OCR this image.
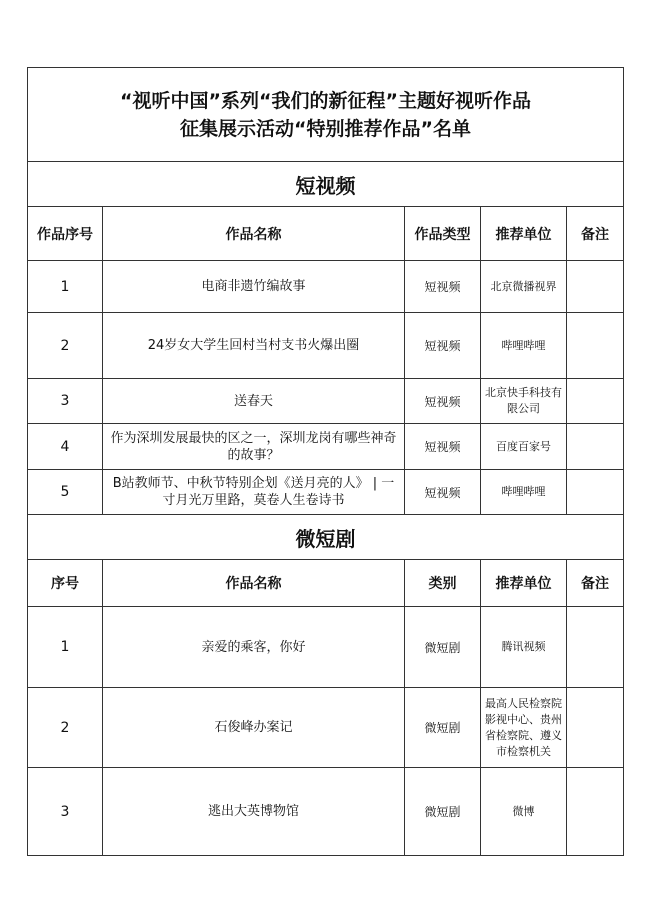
“视听中国”系列“我们的新征程”主题好视听作品
征集展示活动“特别推荐作品”名单				

短视频				
作品序号	作品名称	作品类型	推荐单位	备注
1	电商非遗竹编故事	短视频	北京微播视界	

2	24岁女大学生回村当村支书火爆出圈	短视频	哔哩哔哩	

3	送春天	短视频	北京快手科技有
限公司	

4	作为深圳发展最快的区之一，深圳龙岗有哪些神奇的故事？	短视频	百度百家号	

5	B站教师节、中秋节特别企划《送月亮的人》 | 一寸月光万里路，莫卷人生卷诗书	短视频	哔哩哔哩	

微短剧				
序号	作品名称	类别	推荐单位	备注
1	亲爱的乘客，你好	微短剧	腾讯视频	

2	石俊峰办案记	微短剧	最高人民检察院
影视中心、贵州
省检察院、遵义
市检察机关	

3	逃出大英博物馆	微短剧	微博	
